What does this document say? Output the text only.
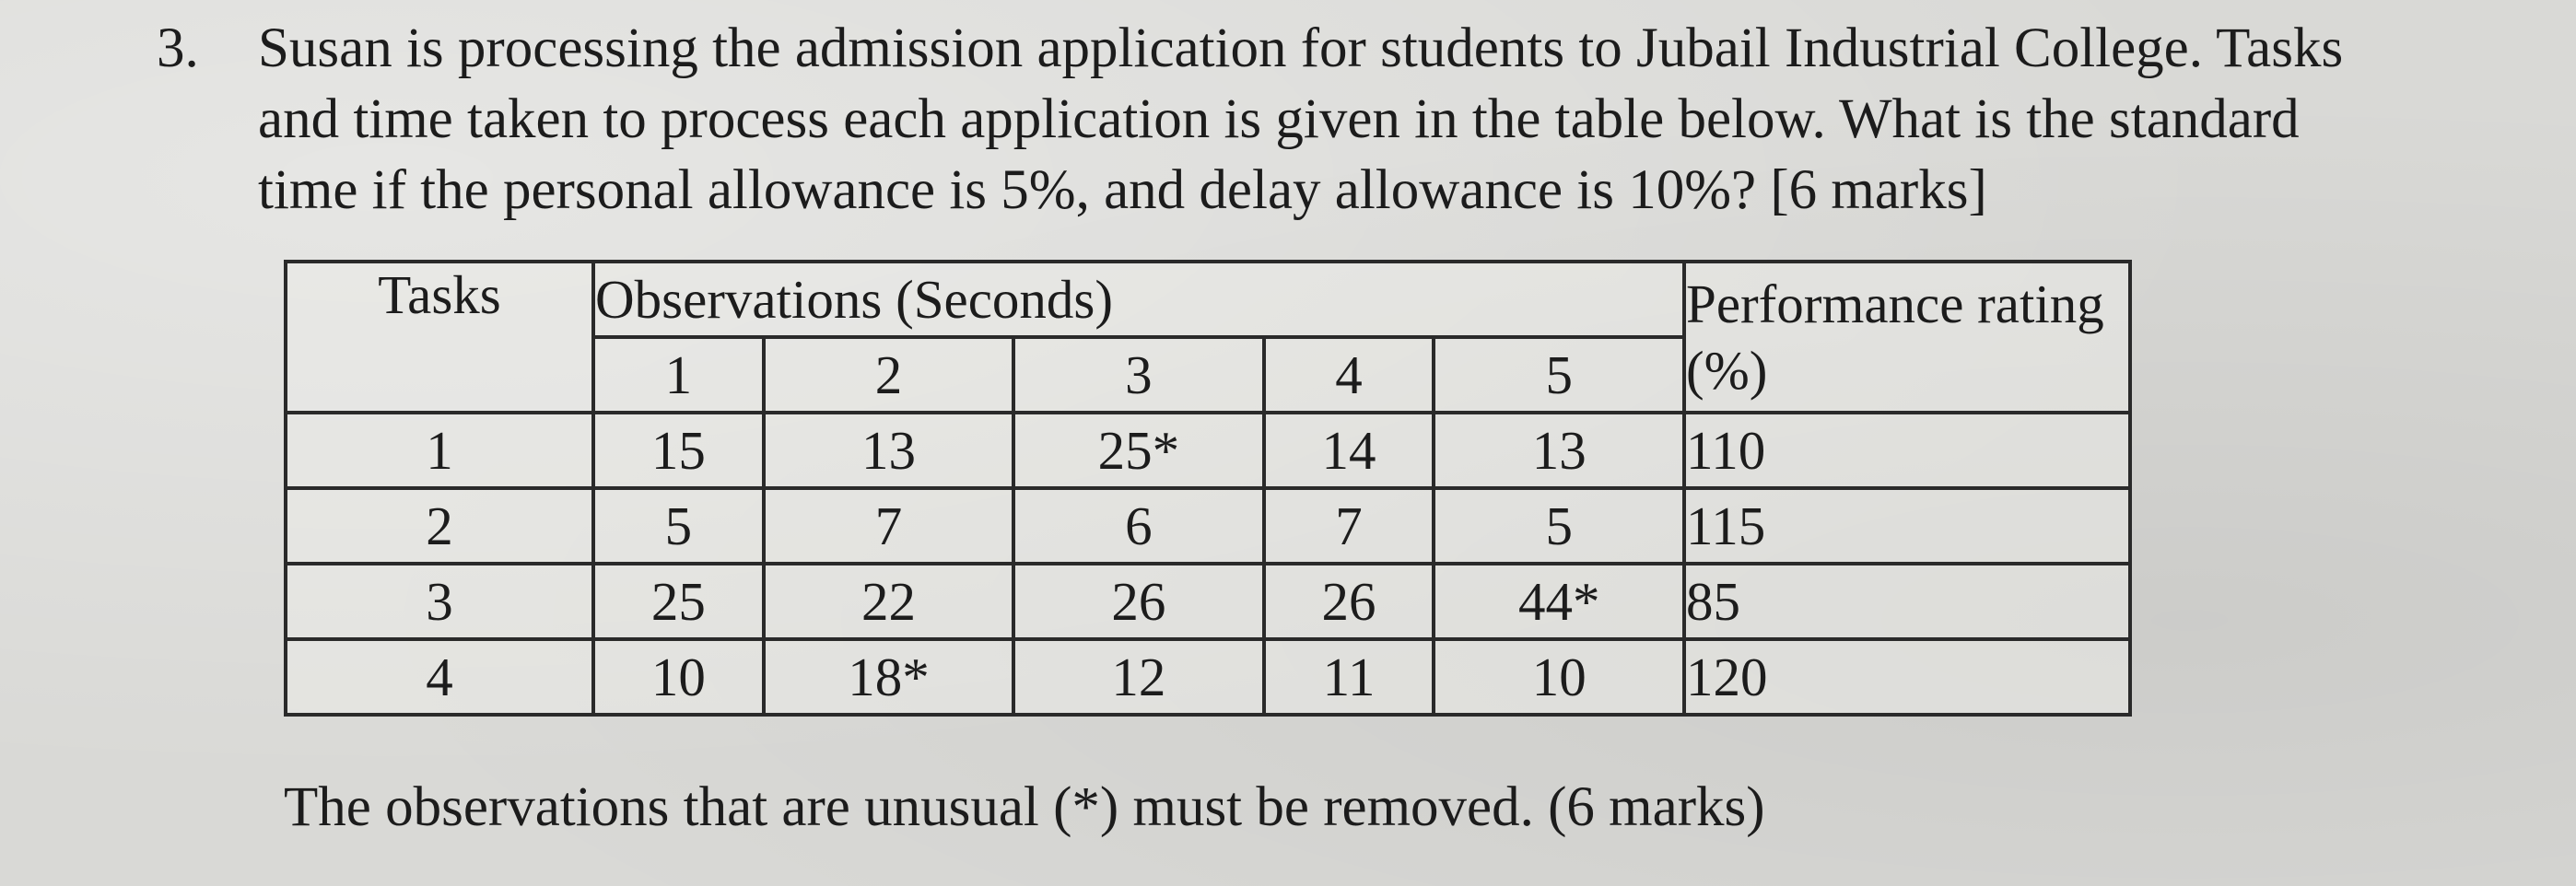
3. Susan is processing the admission application for students to Jubail Industrial College. Tasks
and time taken to process each application is given in the table below. What is the standard
time if the personal allowance is 5%, and delay allowance is 10%? [6 marks]
Tasks	Observations (Seconds)					Performance rating (%)
	1	2	3	4	5	
1	15	13	25*	14	13	110
2	5	7	6	7	5	115
3	25	22	26	26	44*	85
4	10	18*	12	11	10	120
The observations that are unusual (*) must be removed. (6 marks)
